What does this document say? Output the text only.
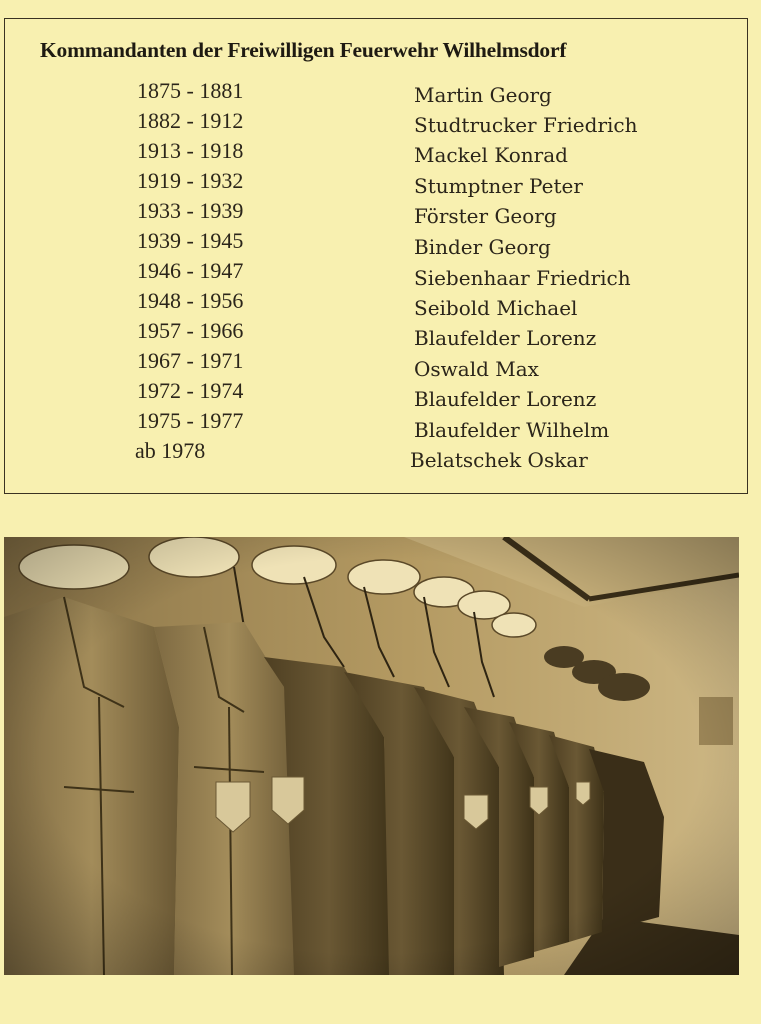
Kommandanten der Freiwilligen Feuerwehr Wilhelmsdorf
1875 - 1881	Martin Georg
1882 - 1912	Studtrucker Friedrich
1913 - 1918	Mackel Konrad
1919 - 1932	Stumptner Peter
1933 - 1939	Förster Georg
1939 - 1945	Binder Georg
1946 - 1947	Siebenhaar Friedrich
1948 - 1956	Seibold Michael
1957 - 1966	Blaufelder Lorenz
1967 - 1971	Oswald Max
1972 - 1974	Blaufelder Lorenz
1975 - 1977	Blaufelder Wilhelm
ab 1978	Belatschek Oskar
